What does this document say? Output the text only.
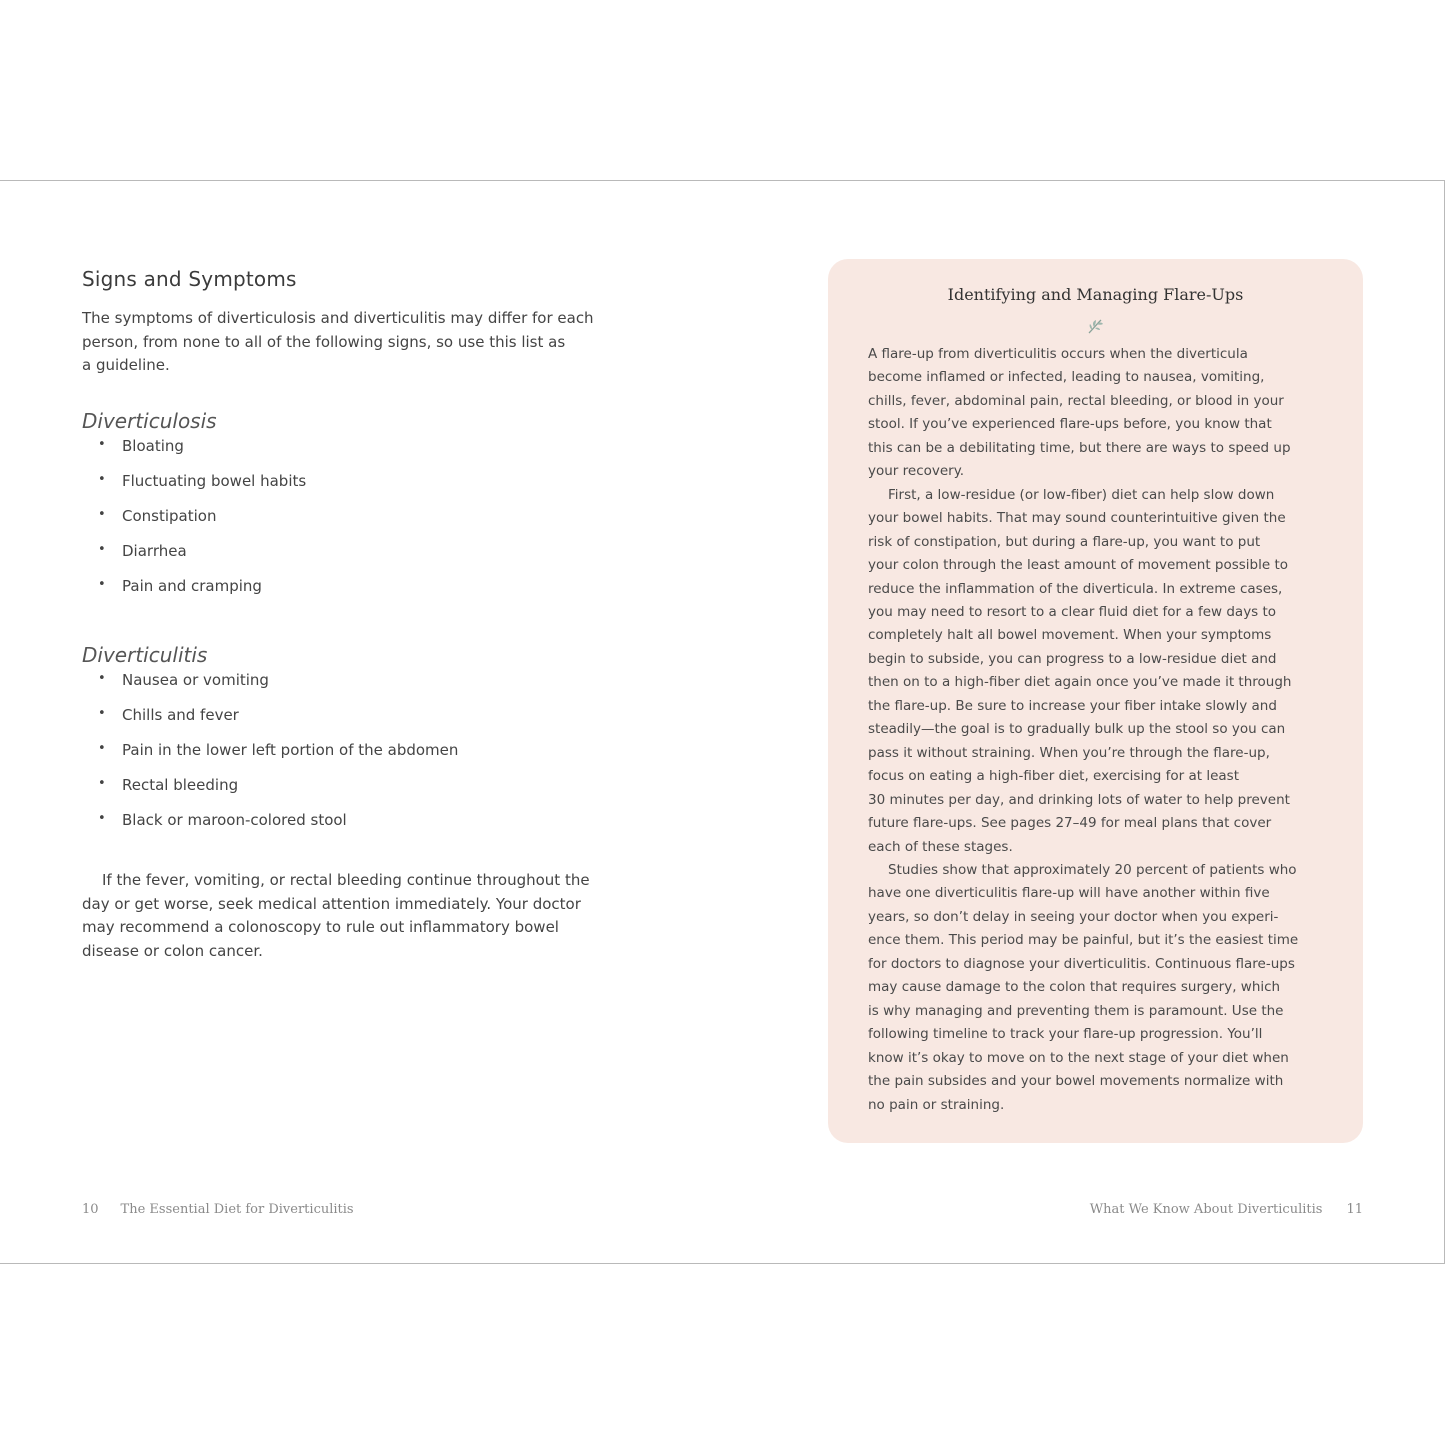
Signs and Symptoms
The symptoms of diverticulosis and diverticulitis may differ for each
person, from none to all of the following signs, so use this list as
a guideline.
Diverticulosis
•	Bloating
•	Fluctuating bowel habits
•	Constipation
•	Diarrhea
•	Pain and cramping
Diverticulitis
•	Nausea or vomiting
•	Chills and fever
•	Pain in the lower left portion of the abdomen
•	Rectal bleeding
•	Black or maroon-colored stool
If the fever, vomiting, or rectal bleeding continue throughout the
day or get worse, seek medical attention immediately. Your doctor
may recommend a colonoscopy to rule out inflammatory bowel
disease or colon cancer.
Identifying and Managing Flare-Ups
A flare-up from diverticulitis occurs when the diverticula
become inflamed or infected, leading to nausea, vomiting,
chills, fever, abdominal pain, rectal bleeding, or blood in your
stool. If you’ve experienced flare-ups before, you know that
this can be a debilitating time, but there are ways to speed up
your recovery.
First, a low-residue (or low-fiber) diet can help slow down
your bowel habits. That may sound counterintuitive given the
risk of constipation, but during a flare-up, you want to put
your colon through the least amount of movement possible to
reduce the inflammation of the diverticula. In extreme cases,
you may need to resort to a clear fluid diet for a few days to
completely halt all bowel movement. When your symptoms
begin to subside, you can progress to a low-residue diet and
then on to a high-fiber diet again once you’ve made it through
the flare-up. Be sure to increase your fiber intake slowly and
steadily—the goal is to gradually bulk up the stool so you can
pass it without straining. When you’re through the flare-up,
focus on eating a high-fiber diet, exercising for at least
30 minutes per day, and drinking lots of water to help prevent
future flare-ups. See pages 27–49 for meal plans that cover
each of these stages.
Studies show that approximately 20 percent of patients who
have one diverticulitis flare-up will have another within five
years, so don’t delay in seeing your doctor when you experi-
ence them. This period may be painful, but it’s the easiest time
for doctors to diagnose your diverticulitis. Continuous flare-ups
may cause damage to the colon that requires surgery, which
is why managing and preventing them is paramount. Use the
following timeline to track your flare-up progression. You’ll
know it’s okay to move on to the next stage of your diet when
the pain subsides and your bowel movements normalize with
no pain or straining.
10 The Essential Diet for Diverticulitis	What We Know About Diverticulitis 11
